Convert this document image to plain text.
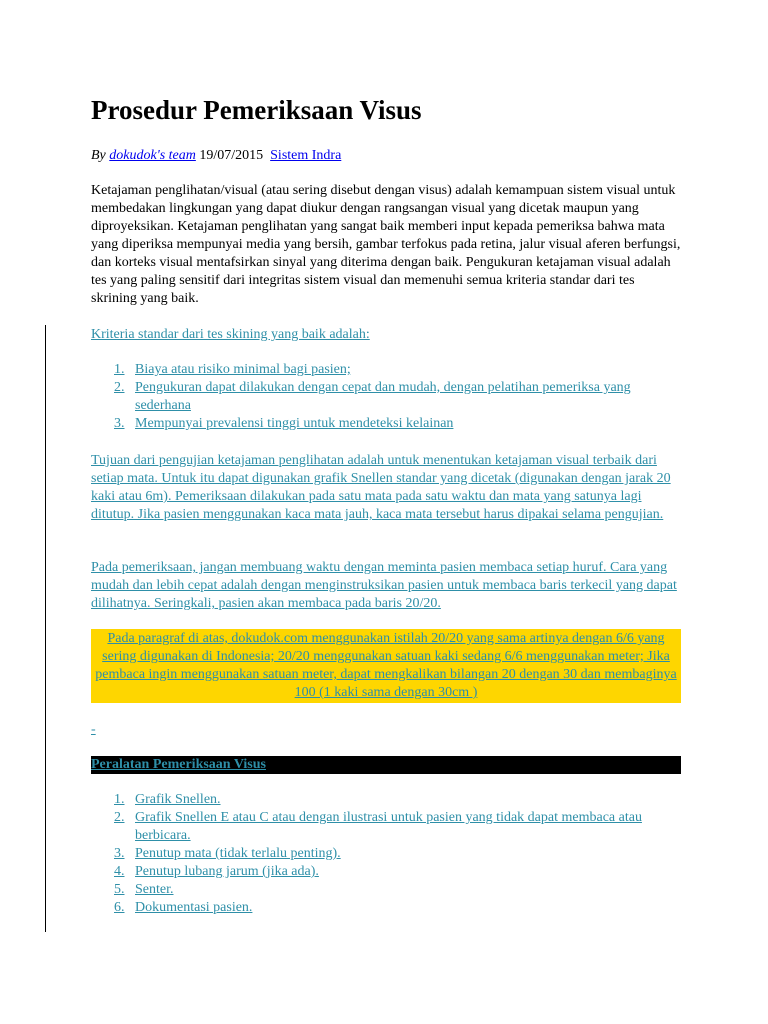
Prosedur Pemeriksaan Visus
By dokudok's team 19/07/2015 Sistem Indra

Ketajaman penglihatan/visual (atau sering disebut dengan visus) adalah kemampuan sistem visual untuk membedakan lingkungan yang dapat diukur dengan rangsangan visual yang dicetak maupun yang diproyeksikan. Ketajaman penglihatan yang sangat baik memberi input kepada pemeriksa bahwa mata yang diperiksa mempunyai media yang bersih, gambar terfokus pada retina, jalur visual aferen berfungsi, dan korteks visual mentafsirkan sinyal yang diterima dengan baik. Pengukuran ketajaman visual adalah tes yang paling sensitif dari integritas sistem visual dan memenuhi semua kriteria standar dari tes skrining yang baik.

Kriteria standar dari tes skining yang baik adalah:

1. Biaya atau risiko minimal bagi pasien;
2. Pengukuran dapat dilakukan dengan cepat dan mudah, dengan pelatihan pemeriksa yang sederhana
3. Mempunyai prevalensi tinggi untuk mendeteksi kelainan

Tujuan dari pengujian ketajaman penglihatan adalah untuk menentukan ketajaman visual terbaik dari setiap mata. Untuk itu dapat digunakan grafik Snellen standar yang dicetak (digunakan dengan jarak 20 kaki atau 6m). Pemeriksaan dilakukan pada satu mata pada satu waktu dan mata yang satunya lagi ditutup. Jika pasien menggunakan kaca mata jauh, kaca mata tersebut harus dipakai selama pengujian.

Pada pemeriksaan, jangan membuang waktu dengan meminta pasien membaca setiap huruf. Cara yang mudah dan lebih cepat adalah dengan menginstruksikan pasien untuk membaca baris terkecil yang dapat dilihatnya. Seringkali, pasien akan membaca pada baris 20/20.

Pada paragraf di atas, dokudok.com menggunakan istilah 20/20 yang sama artinya dengan 6/6 yang sering digunakan di Indonesia; 20/20 menggunakan satuan kaki sedang 6/6 menggunakan meter; Jika pembaca ingin menggunakan satuan meter, dapat mengkalikan bilangan 20 dengan 30 dan membaginya 100 (1 kaki sama dengan 30cm )
-
Peralatan Pemeriksaan Visus
1. Grafik Snellen.
2. Grafik Snellen E atau C atau dengan ilustrasi untuk pasien yang tidak dapat membaca atau berbicara.
3. Penutup mata (tidak terlalu penting).
4. Penutup lubang jarum (jika ada).
5. Senter.
6. Dokumentasi pasien.
